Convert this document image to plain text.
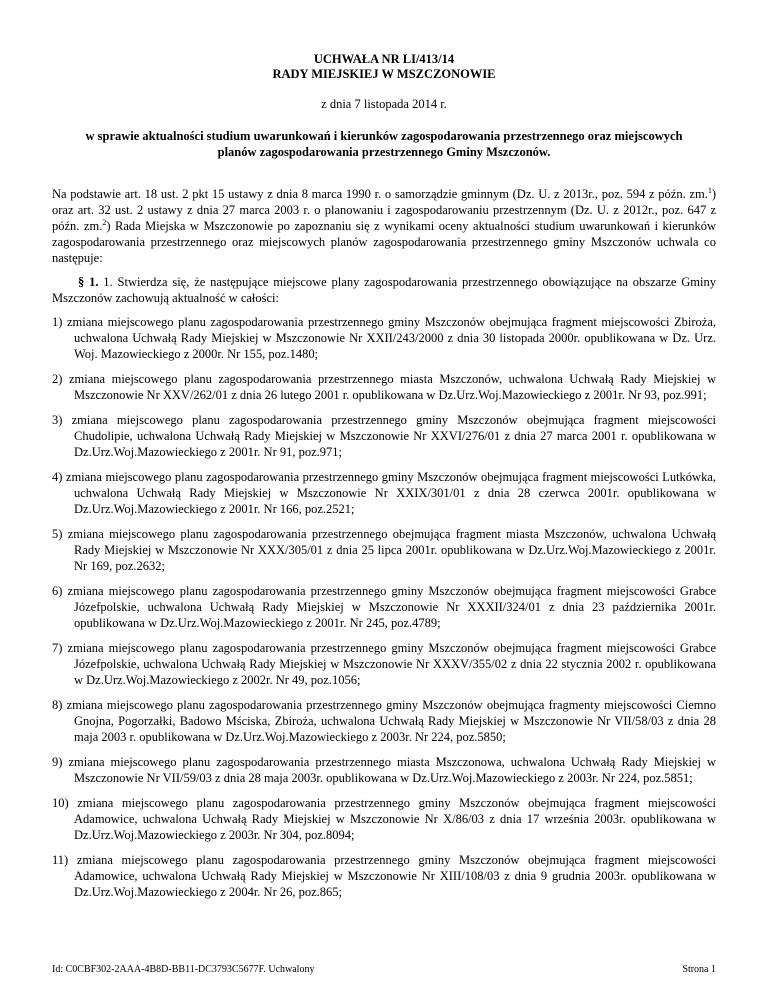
UCHWAŁA NR LI/413/14
RADY MIEJSKIEJ W MSZCZONOWIE
z dnia 7 listopada 2014 r.
w sprawie aktualności studium uwarunkowań i kierunków zagospodarowania przestrzennego oraz miejscowych planów zagospodarowania przestrzennego Gminy Mszczonów.

Na podstawie art. 18 ust. 2 pkt 15 ustawy z dnia 8 marca 1990 r. o samorządzie gminnym (Dz. U. z 2013r., poz. 594 z późn. zm.$^1$) oraz art. 32 ust. 2 ustawy z dnia 27 marca 2003 r. o planowaniu i zagospodarowaniu przestrzennym (Dz. U. z 2012r., poz. 647 z późn. zm.$^2$) Rada Miejska w Mszczonowie po zapoznaniu się z wynikami oceny aktualności studium uwarunkowań i kierunków zagospodarowania przestrzennego oraz miejscowych planów zagospodarowania przestrzennego gminy Mszczonów uchwala co następuje:

§ 1. 1. Stwierdza się, że następujące miejscowe plany zagospodarowania przestrzennego obowiązujące na obszarze Gminy Mszczonów zachowują aktualność w całości:

1) zmiana miejscowego planu zagospodarowania przestrzennego gminy Mszczonów obejmująca fragment miejscowości Zbiroża, uchwalona Uchwałą Rady Miejskiej w Mszczonowie Nr XXII/243/2000 z dnia 30 listopada 2000r. opublikowana w Dz. Urz. Woj. Mazowieckiego z 2000r. Nr 155, poz.1480;
2) zmiana miejscowego planu zagospodarowania przestrzennego miasta Mszczonów, uchwalona Uchwałą Rady Miejskiej w Mszczonowie Nr XXV/262/01 z dnia 26 lutego 2001 r. opublikowana w Dz.Urz.Woj.Mazowieckiego z 2001r. Nr 93, poz.991;
3) zmiana miejscowego planu zagospodarowania przestrzennego gminy Mszczonów obejmująca fragment miejscowości Chudolipie, uchwalona Uchwałą Rady Miejskiej w Mszczonowie Nr XXVI/276/01 z dnia 27 marca 2001 r. opublikowana w Dz.Urz.Woj.Mazowieckiego z 2001r. Nr 91, poz.971;
4) zmiana miejscowego planu zagospodarowania przestrzennego gminy Mszczonów obejmująca fragment miejscowości Lutkówka, uchwalona Uchwałą Rady Miejskiej w Mszczonowie Nr XXIX/301/01 z dnia 28 czerwca 2001r. opublikowana w Dz.Urz.Woj.Mazowieckiego z 2001r. Nr 166, poz.2521;
5) zmiana miejscowego planu zagospodarowania przestrzennego obejmująca fragment miasta Mszczonów, uchwalona Uchwałą Rady Miejskiej w Mszczonowie Nr XXX/305/01 z dnia 25 lipca 2001r. opublikowana w Dz.Urz.Woj.Mazowieckiego z 2001r. Nr 169, poz.2632;
6) zmiana miejscowego planu zagospodarowania przestrzennego gminy Mszczonów obejmująca fragment miejscowości Grabce Józefpolskie, uchwalona Uchwałą Rady Miejskiej w Mszczonowie Nr XXXII/324/01 z dnia 23 października 2001r. opublikowana w Dz.Urz.Woj.Mazowieckiego z 2001r. Nr 245, poz.4789;
7) zmiana miejscowego planu zagospodarowania przestrzennego gminy Mszczonów obejmująca fragment miejscowości Grabce Józefpolskie, uchwalona Uchwałą Rady Miejskiej w Mszczonowie Nr XXXV/355/02 z dnia 22 stycznia 2002 r. opublikowana w Dz.Urz.Woj.Mazowieckiego z 2002r. Nr 49, poz.1056;
8) zmiana miejscowego planu zagospodarowania przestrzennego gminy Mszczonów obejmująca fragmenty miejscowości Ciemno Gnojna, Pogorzałki, Badowo Mściska, Zbiroża, uchwalona Uchwałą Rady Miejskiej w Mszczonowie Nr VII/58/03 z dnia 28 maja 2003 r. opublikowana w Dz.Urz.Woj.Mazowieckiego z 2003r. Nr 224, poz.5850;
9) zmiana miejscowego planu zagospodarowania przestrzennego miasta Mszczonowa, uchwalona Uchwałą Rady Miejskiej w Mszczonowie Nr VII/59/03 z dnia 28 maja 2003r. opublikowana w Dz.Urz.Woj.Mazowieckiego z 2003r. Nr 224, poz.5851;
10) zmiana miejscowego planu zagospodarowania przestrzennego gminy Mszczonów obejmująca fragment miejscowości Adamowice, uchwalona Uchwałą Rady Miejskiej w Mszczonowie Nr X/86/03 z dnia 17 września 2003r. opublikowana w Dz.Urz.Woj.Mazowieckiego z 2003r. Nr 304, poz.8094;
11) zmiana miejscowego planu zagospodarowania przestrzennego gminy Mszczonów obejmująca fragment miejscowości Adamowice, uchwalona Uchwałą Rady Miejskiej w Mszczonowie Nr XIII/108/03 z dnia 9 grudnia 2003r. opublikowana w Dz.Urz.Woj.Mazowieckiego z 2004r. Nr 26, poz.865;
Id: C0CBF302-2AAA-4B8D-BB11-DC3793C5677F. Uchwalony	Strona 1
